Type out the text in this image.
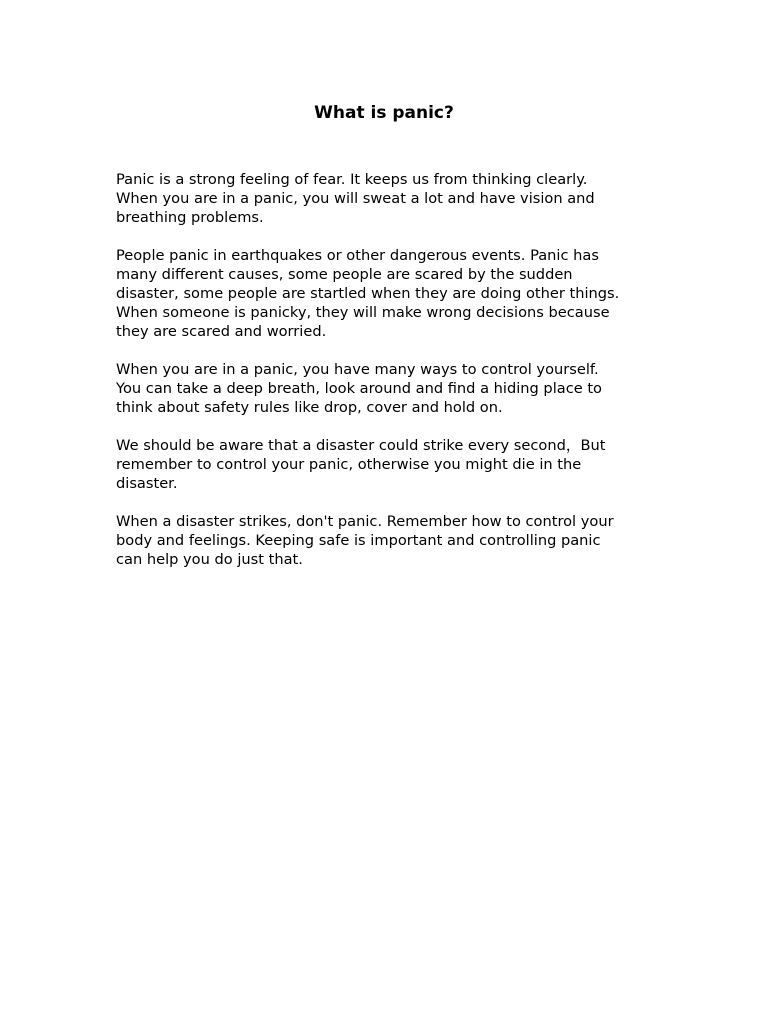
What is panic?

Panic is a strong feeling of fear. It keeps us from thinking clearly.
When you are in a panic, you will sweat a lot and have vision and
breathing problems.

People panic in earthquakes or other dangerous events. Panic has
many different causes, some people are scared by the sudden
disaster, some people are startled when they are doing other things.
When someone is panicky, they will make wrong decisions because
they are scared and worried.

When you are in a panic, you have many ways to control yourself.
You can take a deep breath, look around and find a hiding place to
think about safety rules like drop, cover and hold on.

We should be aware that a disaster could strike every second，But
remember to control your panic, otherwise you might die in the
disaster.

When a disaster strikes, don't panic. Remember how to control your
body and feelings. Keeping safe is important and controlling panic
can help you do just that.
